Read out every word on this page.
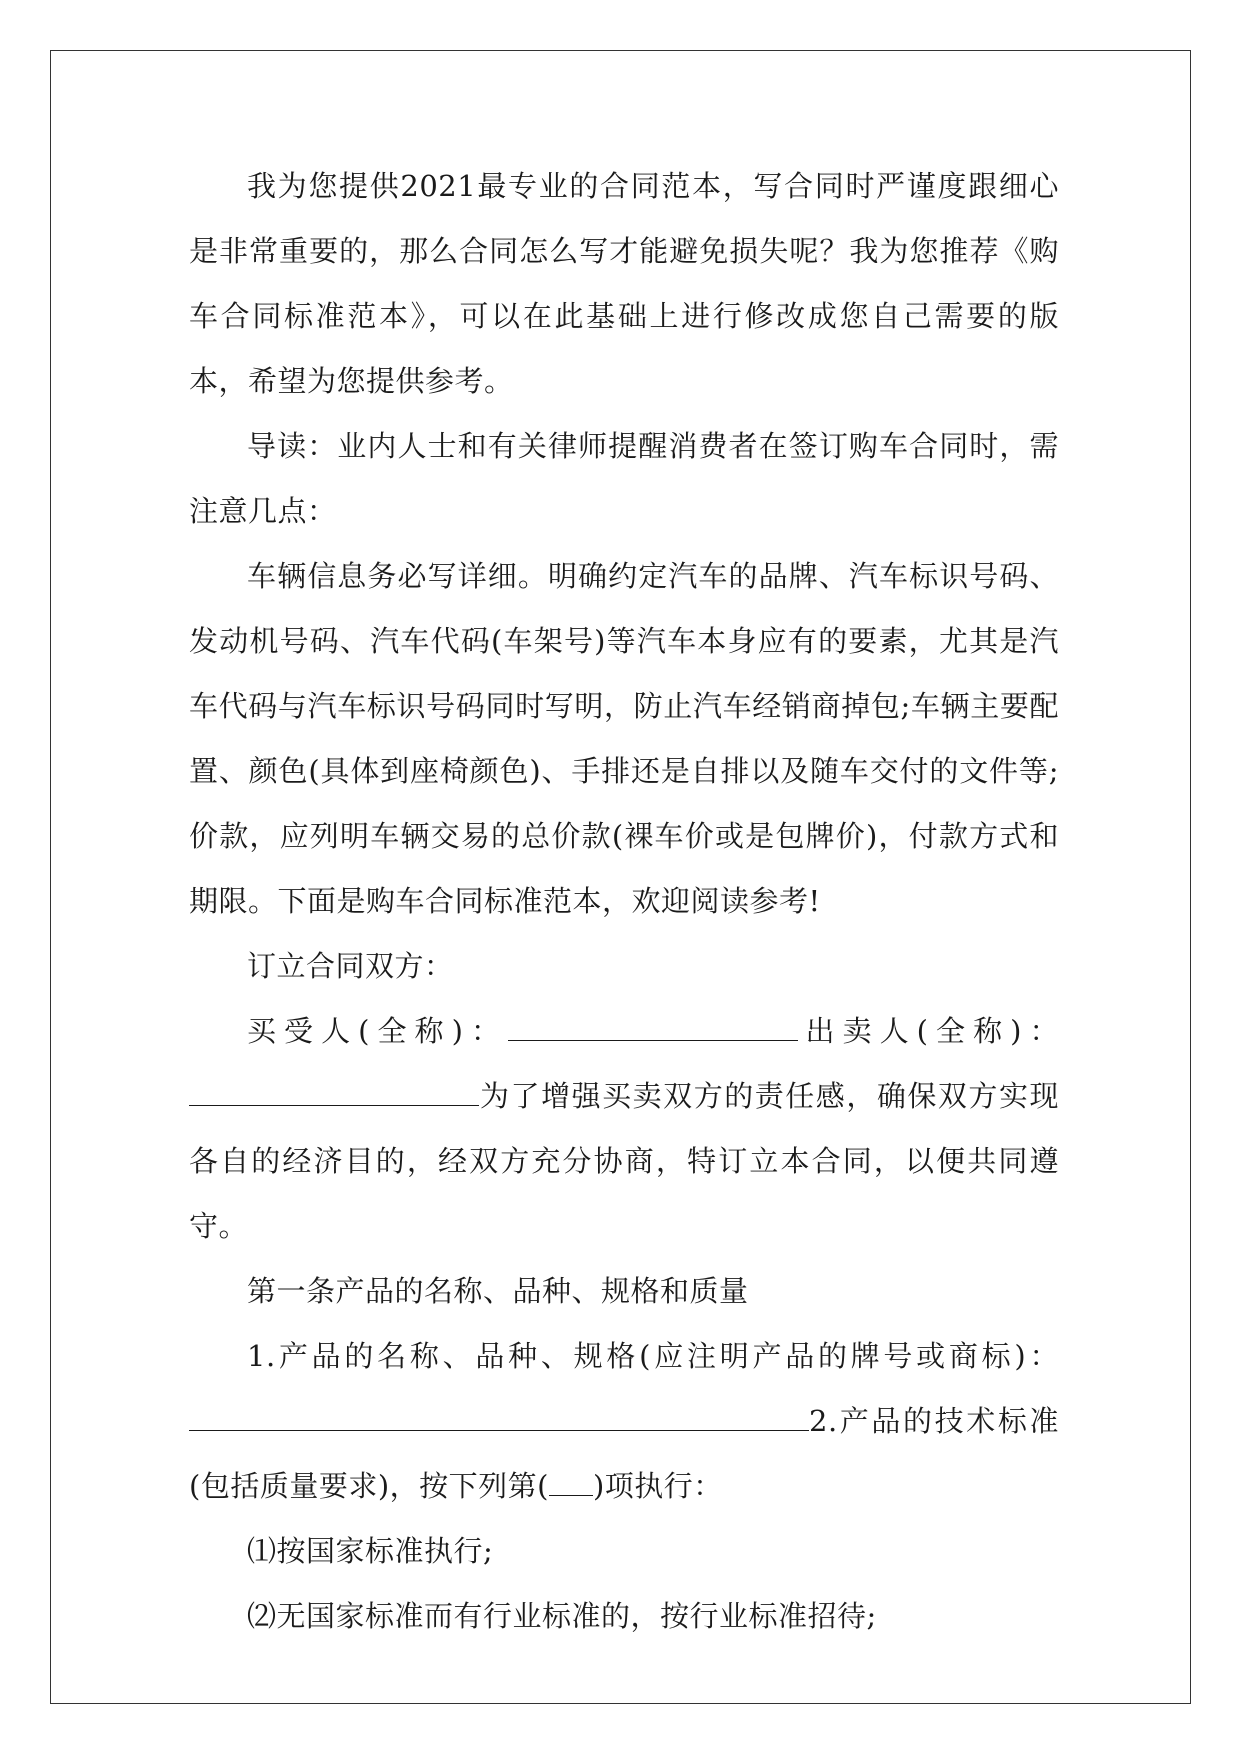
我为您提供2021最专业的合同范本，写合同时严谨度跟细心是非常重要的，那么合同怎么写才能避免损失呢？我为您推荐《购车合同标准范本》，可以在此基础上进行修改成您自己需要的版本，希望为您提供参考。

导读：业内人士和有关律师提醒消费者在签订购车合同时，需注意几点：

车辆信息务必写详细。明确约定汽车的品牌、汽车标识号码、发动机号码、汽车代码(车架号)等汽车本身应有的要素，尤其是汽车代码与汽车标识号码同时写明，防止汽车经销商掉包;车辆主要配置、颜色(具体到座椅颜色)、手排还是自排以及随车交付的文件等;价款，应列明车辆交易的总价款(裸车价或是包牌价)，付款方式和期限。下面是购车合同标准范本，欢迎阅读参考!

订立合同双方：

买受人(全称)：	出卖人(全称)：为了增强买卖双方的责任感，确保双方实现各自的经济目的，经双方充分协商，特订立本合同，以便共同遵守。

第一条产品的名称、品种、规格和质量

1.产品的名称、品种、规格(应注明产品的牌号或商标)：2.产品的技术标准(包括质量要求)，按下列第( )项执行：

⑴按国家标准执行;

⑵无国家标准而有行业标准的，按行业标准招待;
